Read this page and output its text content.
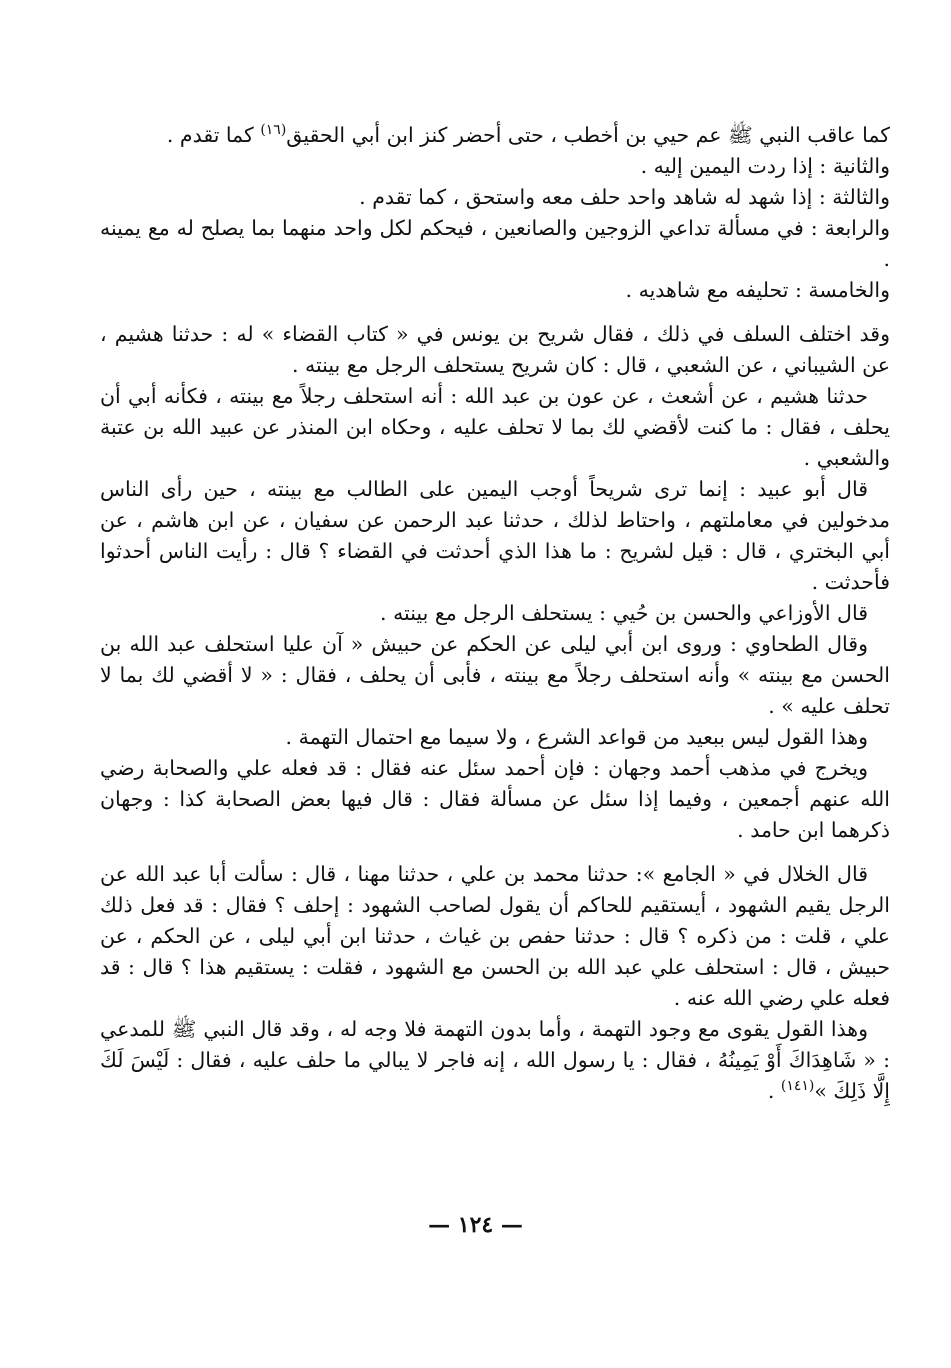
كما عاقب النبي ﷺ عم حيي بن أخطب ، حتى أحضر كنز ابن أبي الحقيق$^{(١٦)}$ كما تقدم .

والثانية : إذا ردت اليمين إليه .

والثالثة : إذا شهد له شاهد واحد حلف معه واستحق ، كما تقدم .

والرابعة : في مسألة تداعي الزوجين والصانعين ، فيحكم لكل واحد منهما بما يصلح له مع يمينه .

والخامسة : تحليفه مع شاهديه .

وقد اختلف السلف في ذلك ، فقال شريح بن يونس في « كتاب القضاء » له : حدثنا هشيم ، عن الشيباني ، عن الشعبي ، قال : كان شريح يستحلف الرجل مع بينته .

حدثنا هشيم ، عن أشعث ، عن عون بن عبد الله : أنه استحلف رجلاً مع بينته ، فكأنه أبي أن يحلف ، فقال : ما كنت لأقضي لك بما لا تحلف عليه ، وحكاه ابن المنذر عن عبيد الله بن عتبة والشعبي .

قال أبو عبيد : إنما ترى شريحاً أوجب اليمين على الطالب مع بينته ، حين رأى الناس مدخولين في معاملتهم ، واحتاط لذلك ، حدثنا عبد الرحمن عن سفيان ، عن ابن هاشم ، عن أبي البختري ، قال : قيل لشريح : ما هذا الذي أحدثت في القضاء ؟ قال : رأيت الناس أحدثوا فأحدثت .

قال الأوزاعي والحسن بن حُيي : يستحلف الرجل مع بينته .

وقال الطحاوي : وروى ابن أبي ليلى عن الحكم عن حبيش « آن عليا استحلف عبد الله بن الحسن مع بينته » وأنه استحلف رجلاً مع بينته ، فأبى أن يحلف ، فقال : « لا أقضي لك بما لا تحلف عليه » .

وهذا القول ليس ببعيد من قواعد الشرع ، ولا سيما مع احتمال التهمة .

ويخرج في مذهب أحمد وجهان : فإن أحمد سئل عنه فقال : قد فعله علي والصحابة رضي الله عنهم أجمعين ، وفيما إذا سئل عن مسألة فقال : قال فيها بعض الصحابة كذا : وجهان ذكرهما ابن حامد .

قال الخلال في « الجامع »: حدثنا محمد بن علي ، حدثنا مهنا ، قال : سألت أبا عبد الله عن الرجل يقيم الشهود ، أيستقيم للحاكم أن يقول لصاحب الشهود : إحلف ؟ فقال : قد فعل ذلك علي ، قلت : من ذكره ؟ قال : حدثنا حفص بن غياث ، حدثنا ابن أبي ليلى ، عن الحكم ، عن حبيش ، قال : استحلف علي عبد الله بن الحسن مع الشهود ، فقلت : يستقيم هذا ؟ قال : قد فعله علي رضي الله عنه .

وهذا القول يقوى مع وجود التهمة ، وأما بدون التهمة فلا وجه له ، وقد قال النبي ﷺ للمدعي : « شَاهِدَاكَ أَوْ يَمِينُهُ ، فقال : يا رسول الله ، إنه فاجر لا يبالي ما حلف عليه ، فقال : لَيْسَ لَكَ إِلَّا ذَلِكَ »$^{(١٤١)}$ .

— ١٢٤ —
